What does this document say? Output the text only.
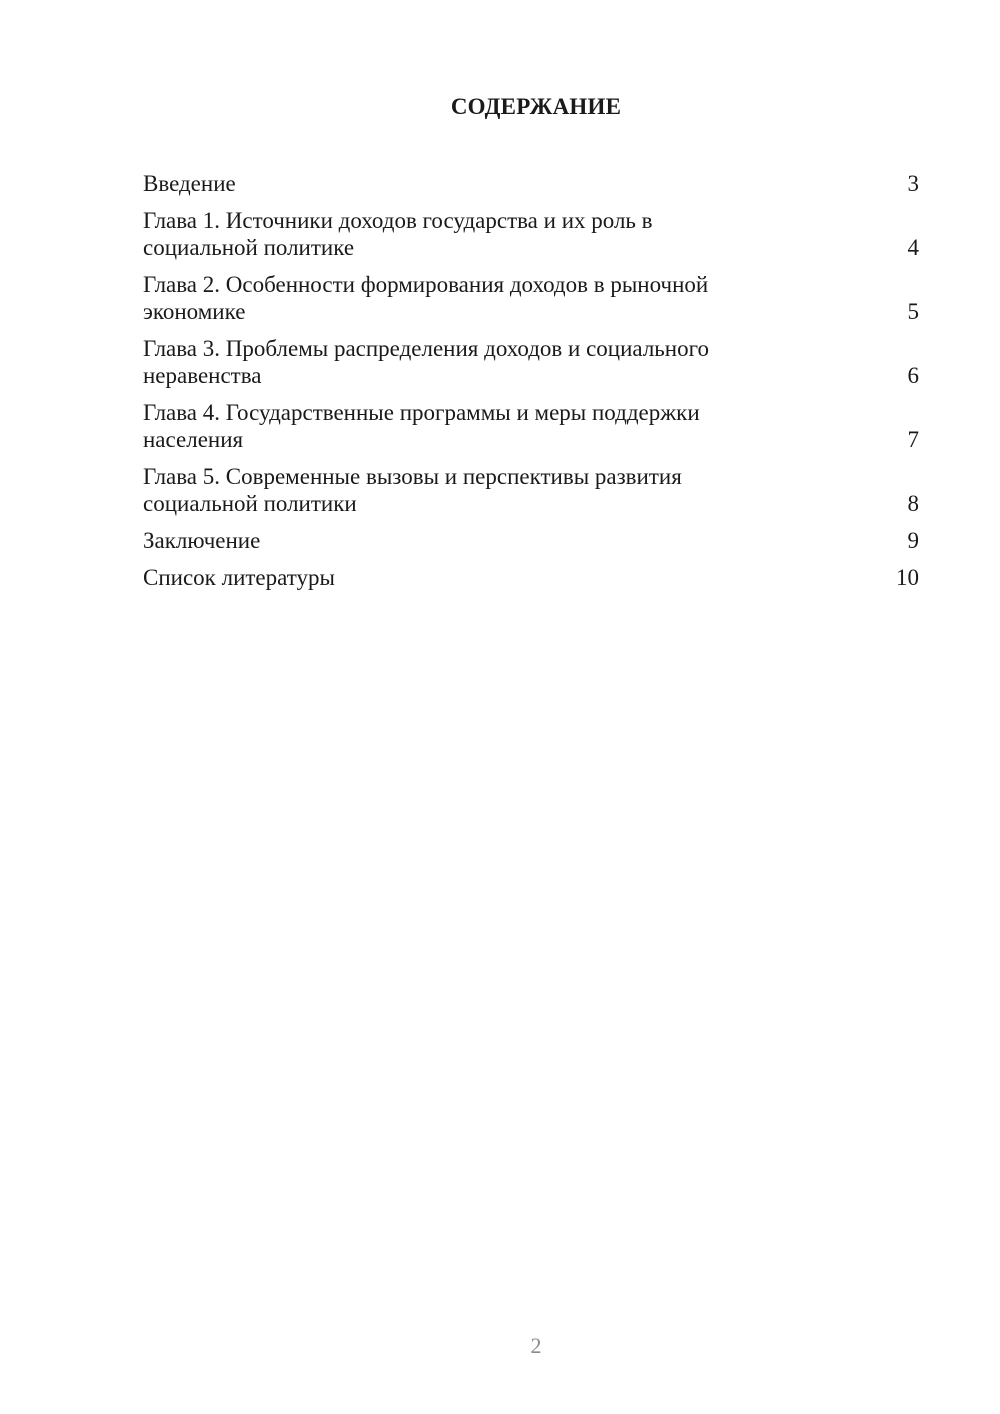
СОДЕРЖАНИЕ
Введение	3
Глава 1. Источники доходов государства и их роль в
социальной политике	4
Глава 2. Особенности формирования доходов в рыночной
экономике	5
Глава 3. Проблемы распределения доходов и социального
неравенства	6
Глава 4. Государственные программы и меры поддержки
населения	7
Глава 5. Современные вызовы и перспективы развития
социальной политики	8
Заключение	9
Список литературы	10
2
